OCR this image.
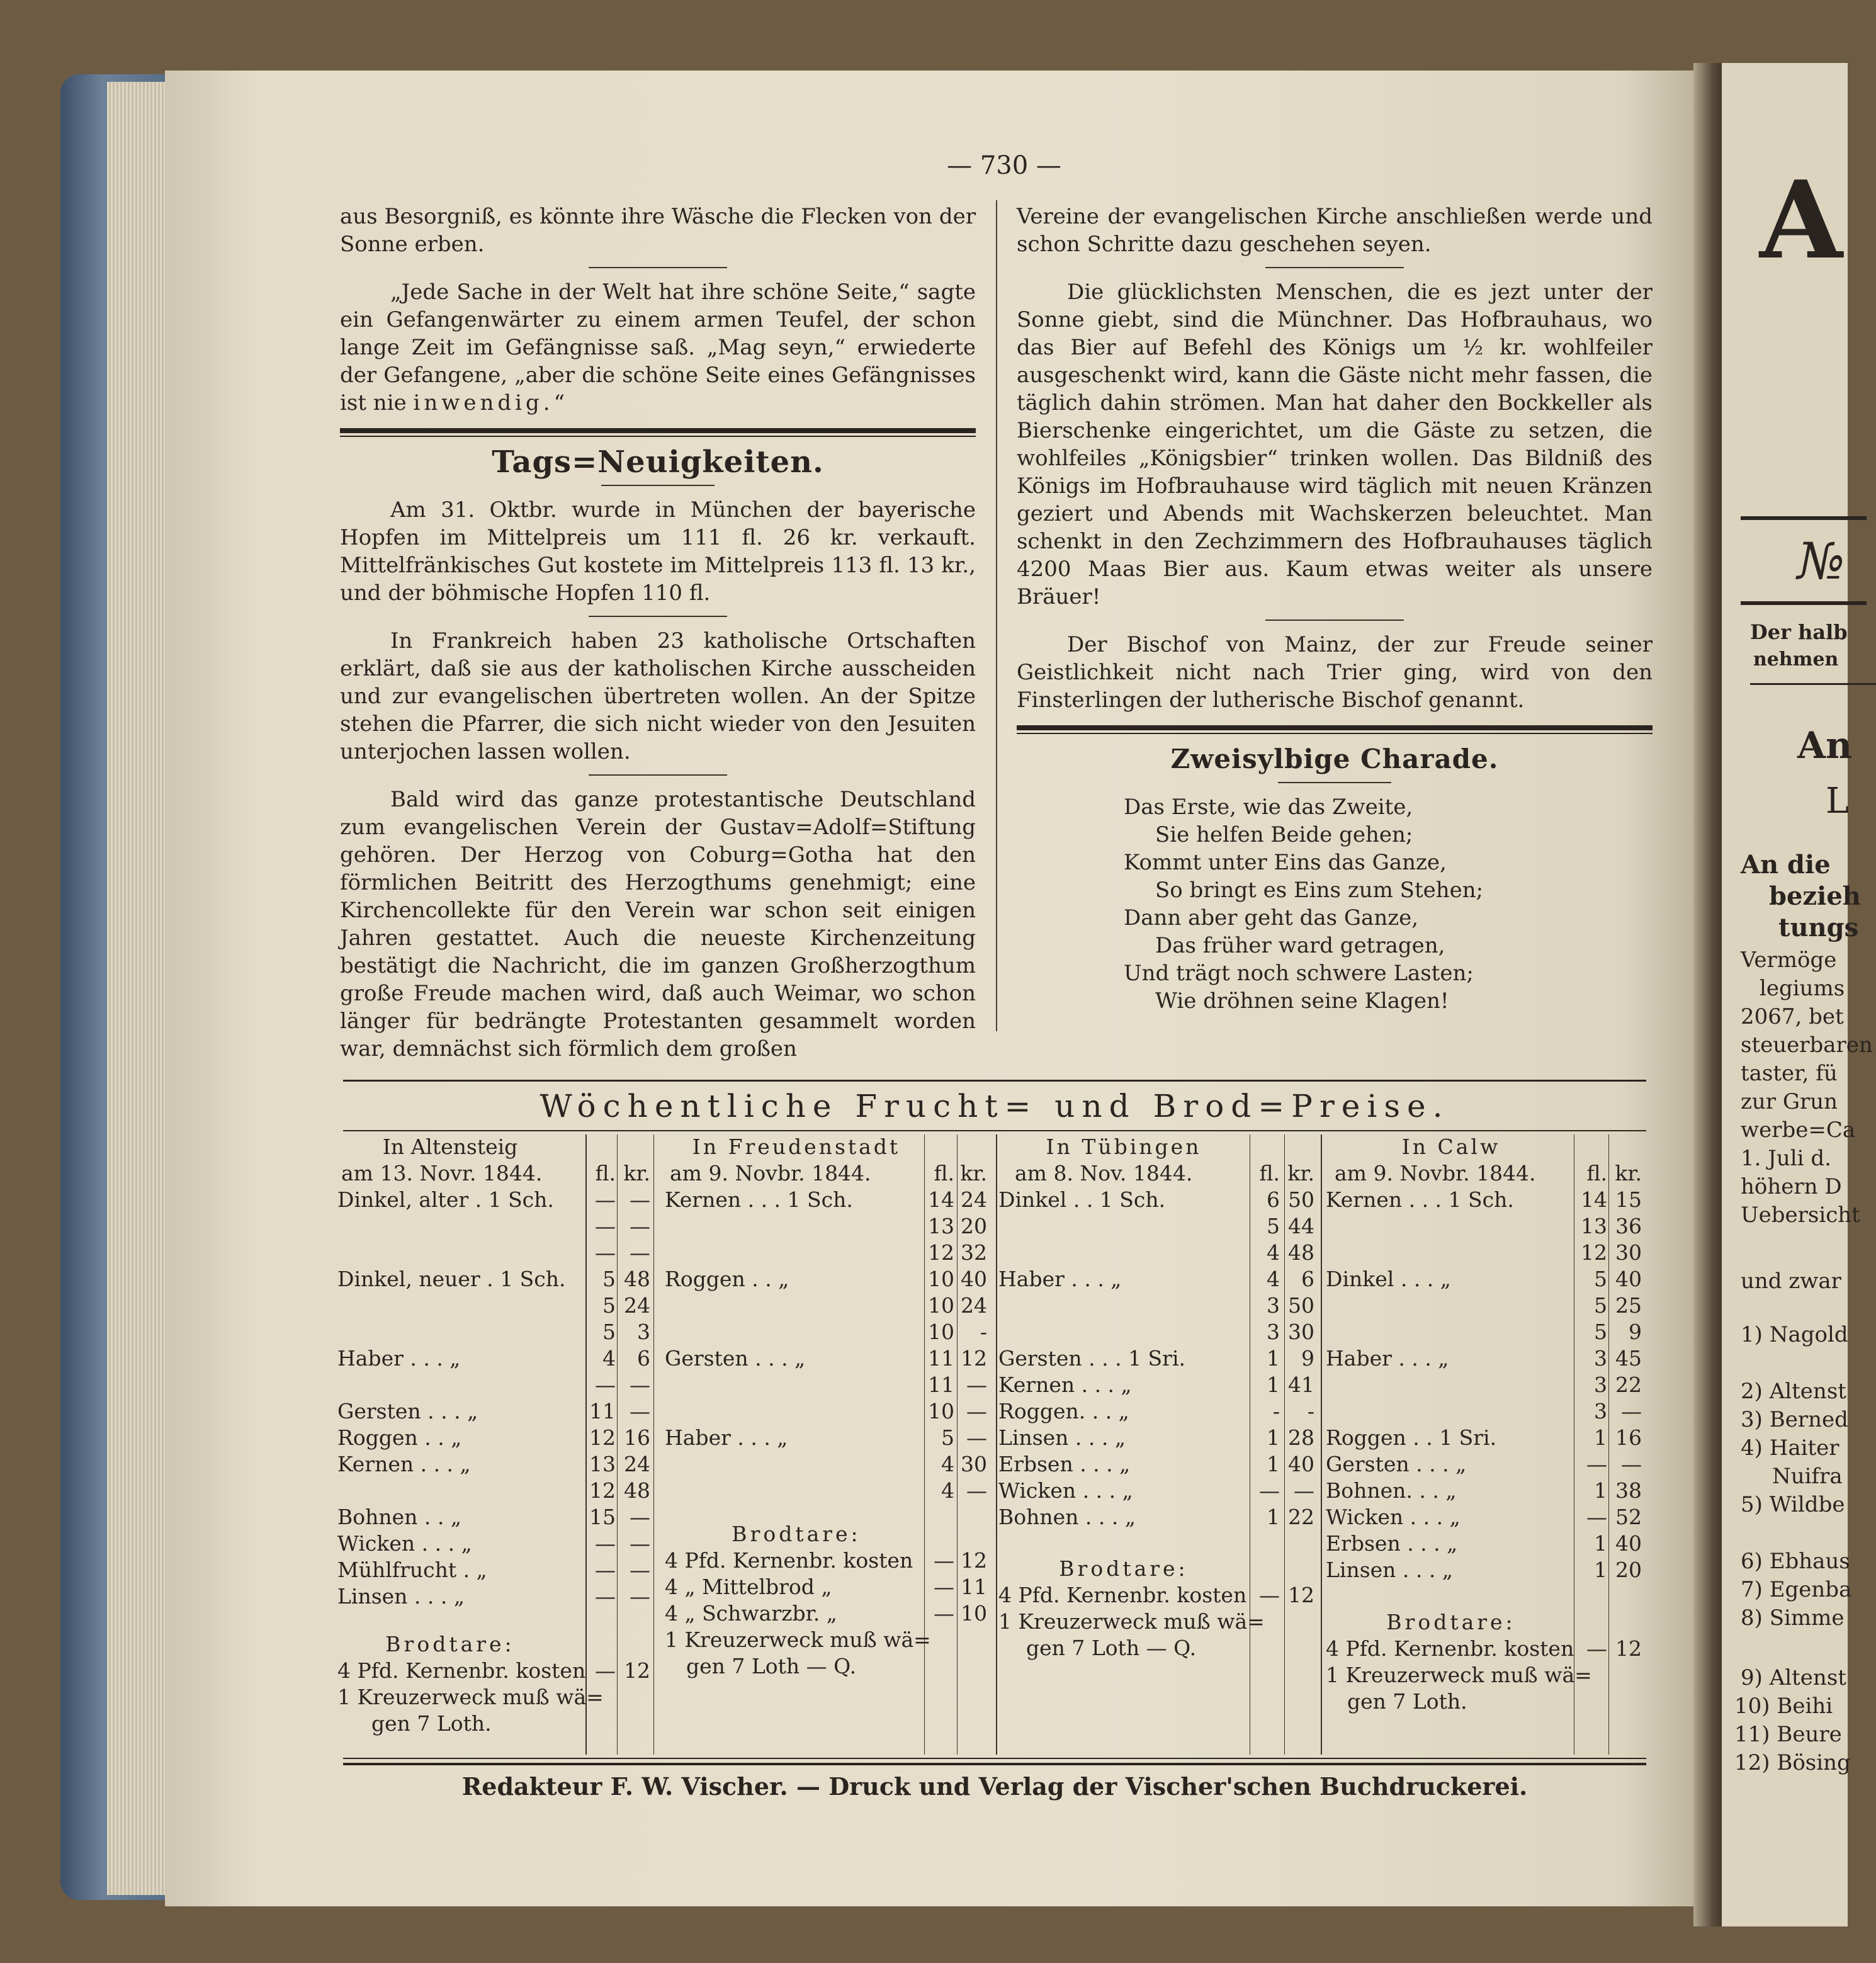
A
№
Der halb
nehmen
An
L
An die
bezieh
tungs
Vermöge
legiums
2067, bet
steuerbaren
taster, fü
zur Grun
werbe=Ca
1. Juli d.
höhern D
Uebersicht
und zwar
1) Nagold
2) Altenst
3) Berned
4) Haiter
Nuifra
5) Wildbe
6) Ebhaus
7) Egenba
8) Simme
9) Altenst
10) Beihi
11) Beure
12) Bösing
— 730 —

aus Besorgniß, es könnte ihre Wäsche die Flecken von der Sonne erben.

„Jede Sache in der Welt hat ihre schöne Seite,“ sagte ein Gefangenwärter zu einem armen Teufel, der schon lange Zeit im Gefängnisse saß. „Mag seyn,“ erwiederte der Gefangene, „aber die schöne Seite eines Gefängnisses ist nie inwendig.“

Tags=Neuigkeiten.

Am 31. Oktbr. wurde in München der bayerische Hopfen im Mittelpreis um 111 fl. 26 kr. verkauft. Mittelfränkisches Gut kostete im Mittelpreis 113 fl. 13 kr., und der böhmische Hopfen 110 fl.

In Frankreich haben 23 katholische Ortschaften erklärt, daß sie aus der katholischen Kirche ausscheiden und zur evangelischen übertreten wollen. An der Spitze stehen die Pfarrer, die sich nicht wieder von den Jesuiten unterjochen lassen wollen.

Bald wird das ganze protestantische Deutschland zum evangelischen Verein der Gustav=Adolf=Stiftung gehören. Der Herzog von Coburg=Gotha hat den förmlichen Beitritt des Herzogthums genehmigt; eine Kirchencollekte für den Verein war schon seit einigen Jahren gestattet. Auch die neueste Kirchenzeitung bestätigt die Nachricht, die im ganzen Großherzogthum große Freude machen wird, daß auch Weimar, wo schon länger für bedrängte Protestanten gesammelt worden war, demnächst sich förmlich dem großen

Vereine der evangelischen Kirche anschließen werde und schon Schritte dazu geschehen seyen.

Die glücklichsten Menschen, die es jezt unter der Sonne giebt, sind die Münchner. Das Hofbrauhaus, wo das Bier auf Befehl des Königs um ½ kr. wohlfeiler ausgeschenkt wird, kann die Gäste nicht mehr fassen, die täglich dahin strömen. Man hat daher den Bockkeller als Bierschenke eingerichtet, um die Gäste zu setzen, die wohlfeiles „Königsbier“ trinken wollen. Das Bildniß des Königs im Hofbrauhause wird täglich mit neuen Kränzen geziert und Abends mit Wachskerzen beleuchtet. Man schenkt in den Zechzimmern des Hofbrauhauses täglich 4200 Maas Bier aus. Kaum etwas weiter als unsere Bräuer!

Der Bischof von Mainz, der zur Freude seiner Geistlichkeit nicht nach Trier ging, wird von den Finsterlingen der lutherische Bischof genannt.

Zweisylbige Charade.
Das Erste, wie das Zweite,
Sie helfen Beide gehen;
Kommt unter Eins das Ganze,
So bringt es Eins zum Stehen;
Dann aber geht das Ganze,
Das früher ward getragen,
Und trägt noch schwere Lasten;
Wie dröhnen seine Klagen!
Wöchentliche Frucht= und Brod=Preise.
In Altensteig
am 13. Novr. 1844.	fl. kr.
Dinkel, alter . 1 Sch.	— —
— —
— —
Dinkel, neuer . 1 Sch.	5 48
5 24
5	3
Haber . . . „	4	6
— —
Gersten . . . „	11 —
Roggen . . „	12 16
Kernen . . . „	13 24
12 48
Bohnen . . „	15 —
Wicken . . . „	— —
Mühlfrucht . „	— —
Linsen . . . „	— —
Brodtare:
4 Pfd. Kernenbr. kosten — 12
1 Kreuzerweck muß wä=
gen 7 Loth.
In Freudenstadt
am 9. Novbr. 1844.	fl. kr.
Kernen . . . 1 Sch.	14 24
13 20
12 32
Roggen . . „	10 40
10 24
10	-
Gersten . . . „	11 12
11 —
10 —
Haber . . . „	5 —
4 30
4 —
Brodtare:
4 Pfd. Kernenbr. kosten — 12
4 „ Mittelbrod „	— 11
4 „ Schwarzbr. „	— 10
1 Kreuzerweck muß wä=
gen 7 Loth — Q.
In Tübingen
am 8. Nov. 1844.	fl. kr.
Dinkel . . 1 Sch.	6 50
5 44
4 48
Haber . . . „	4	6
3 50
3 30
Gersten . . . 1 Sri.	1	9
Kernen . . . „	1 41
Roggen. . . „	-	-
Linsen . . . „	1 28
Erbsen . . . „	1 40
Wicken . . . „	— —
Bohnen . . . „	1 22
Brodtare:
4 Pfd. Kernenbr. kosten — 12
1 Kreuzerweck muß wä=
gen 7 Loth — Q.
In Calw
am 9. Novbr. 1844.	fl. kr.
Kernen . . . 1 Sch.	14 15
13 36
12 30
Dinkel . . . „	5 40
5 25
5	9
Haber . . . „	3 45
3 22
3 —
Roggen . . 1 Sri.	1 16
Gersten . . . „	— —
Bohnen. . . „	1 38
Wicken . . . „	— 52
Erbsen . . . „	1 40
Linsen . . . „	1 20
Brodtare:
4 Pfd. Kernenbr. kosten — 12
1 Kreuzerweck muß wä=
gen 7 Loth.
Redakteur F. W. Vischer. — Druck und Verlag der Vischer'schen Buchdruckerei.
